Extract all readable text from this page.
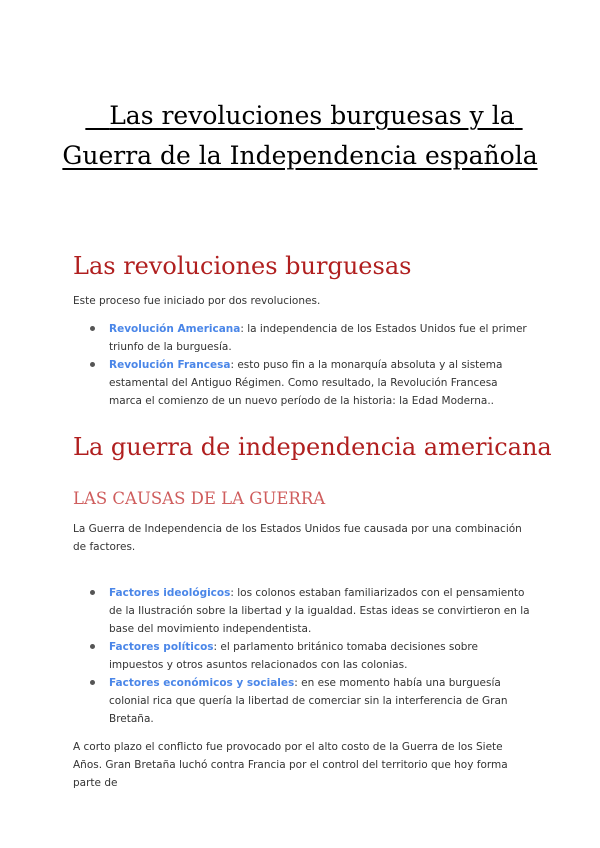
Las revoluciones burguesas y la Guerra de la Independencia española
Las revoluciones burguesas

Este proceso fue iniciado por dos revoluciones.

Revolución Americana: la independencia de los Estados Unidos fue el primer triunfo de la burguesía.
Revolución Francesa: esto puso fin a la monarquía absoluta y al sistema estamental del Antiguo Régimen. Como resultado, la Revolución Francesa marca el comienzo de un nuevo período de la historia: la Edad Moderna..
La guerra de independencia americana
LAS CAUSAS DE LA GUERRA

La Guerra de Independencia de los Estados Unidos fue causada por una combinación de factores.

Factores ideológicos: los colonos estaban familiarizados con el pensamiento de la Ilustración sobre la libertad y la igualdad. Estas ideas se convirtieron en la base del movimiento independentista.
Factores políticos: el parlamento británico tomaba decisiones sobre impuestos y otros asuntos relacionados con las colonias.
Factores económicos y sociales: en ese momento había una burguesía colonial rica que quería la libertad de comerciar sin la interferencia de Gran Bretaña.

A corto plazo el conflicto fue provocado por el alto costo de la Guerra de los Siete Años. Gran Bretaña luchó contra Francia por el control del territorio que hoy forma parte de
